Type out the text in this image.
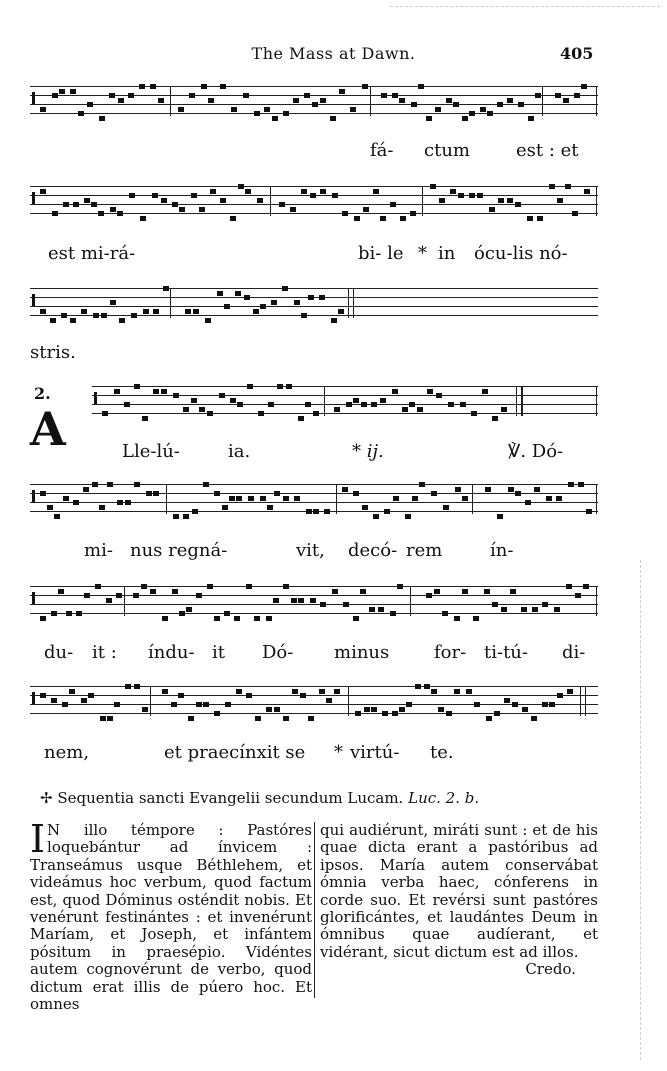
The Mass at Dawn.	405
fá- ctum	est : et
est mi-rá-	bi- le * in ócu-lis nó-
stris.
2.
A	Lle-lú-	ia.	* ij.	℣. Dó-
mi- nus regná-	vit, decó- rem	ín-
du- it : índu- it Dó- minus for- ti-tú- di-
nem,	et praecínxit se * virtú- te.
✢ Sequentia sancti Evangelii secundum Lucam. Luc. 2. b.

I N illo témpore : Pastóres loquebántur ad ínvicem : Transeámus usque Béthlehem, et videámus hoc verbum, quod factum est, quod Dóminus osténdit nobis. Et venérunt festinántes : et invenérunt Maríam, et Joseph, et infántem pósitum in praesépio. Vidéntes autem cognovérunt de verbo, quod dictum erat illis de púero hoc. Et omnes

qui audiérunt, miráti sunt : et de his quae dicta erant a pastóribus ad ipsos. María autem conservábat ómnia verba haec, cónferens in corde suo. Et revérsi sunt pastóres glorificántes, et laudántes Deum in ómnibus quae audíerant, et vidérant, sicut dictum est ad illos.

Credo.
